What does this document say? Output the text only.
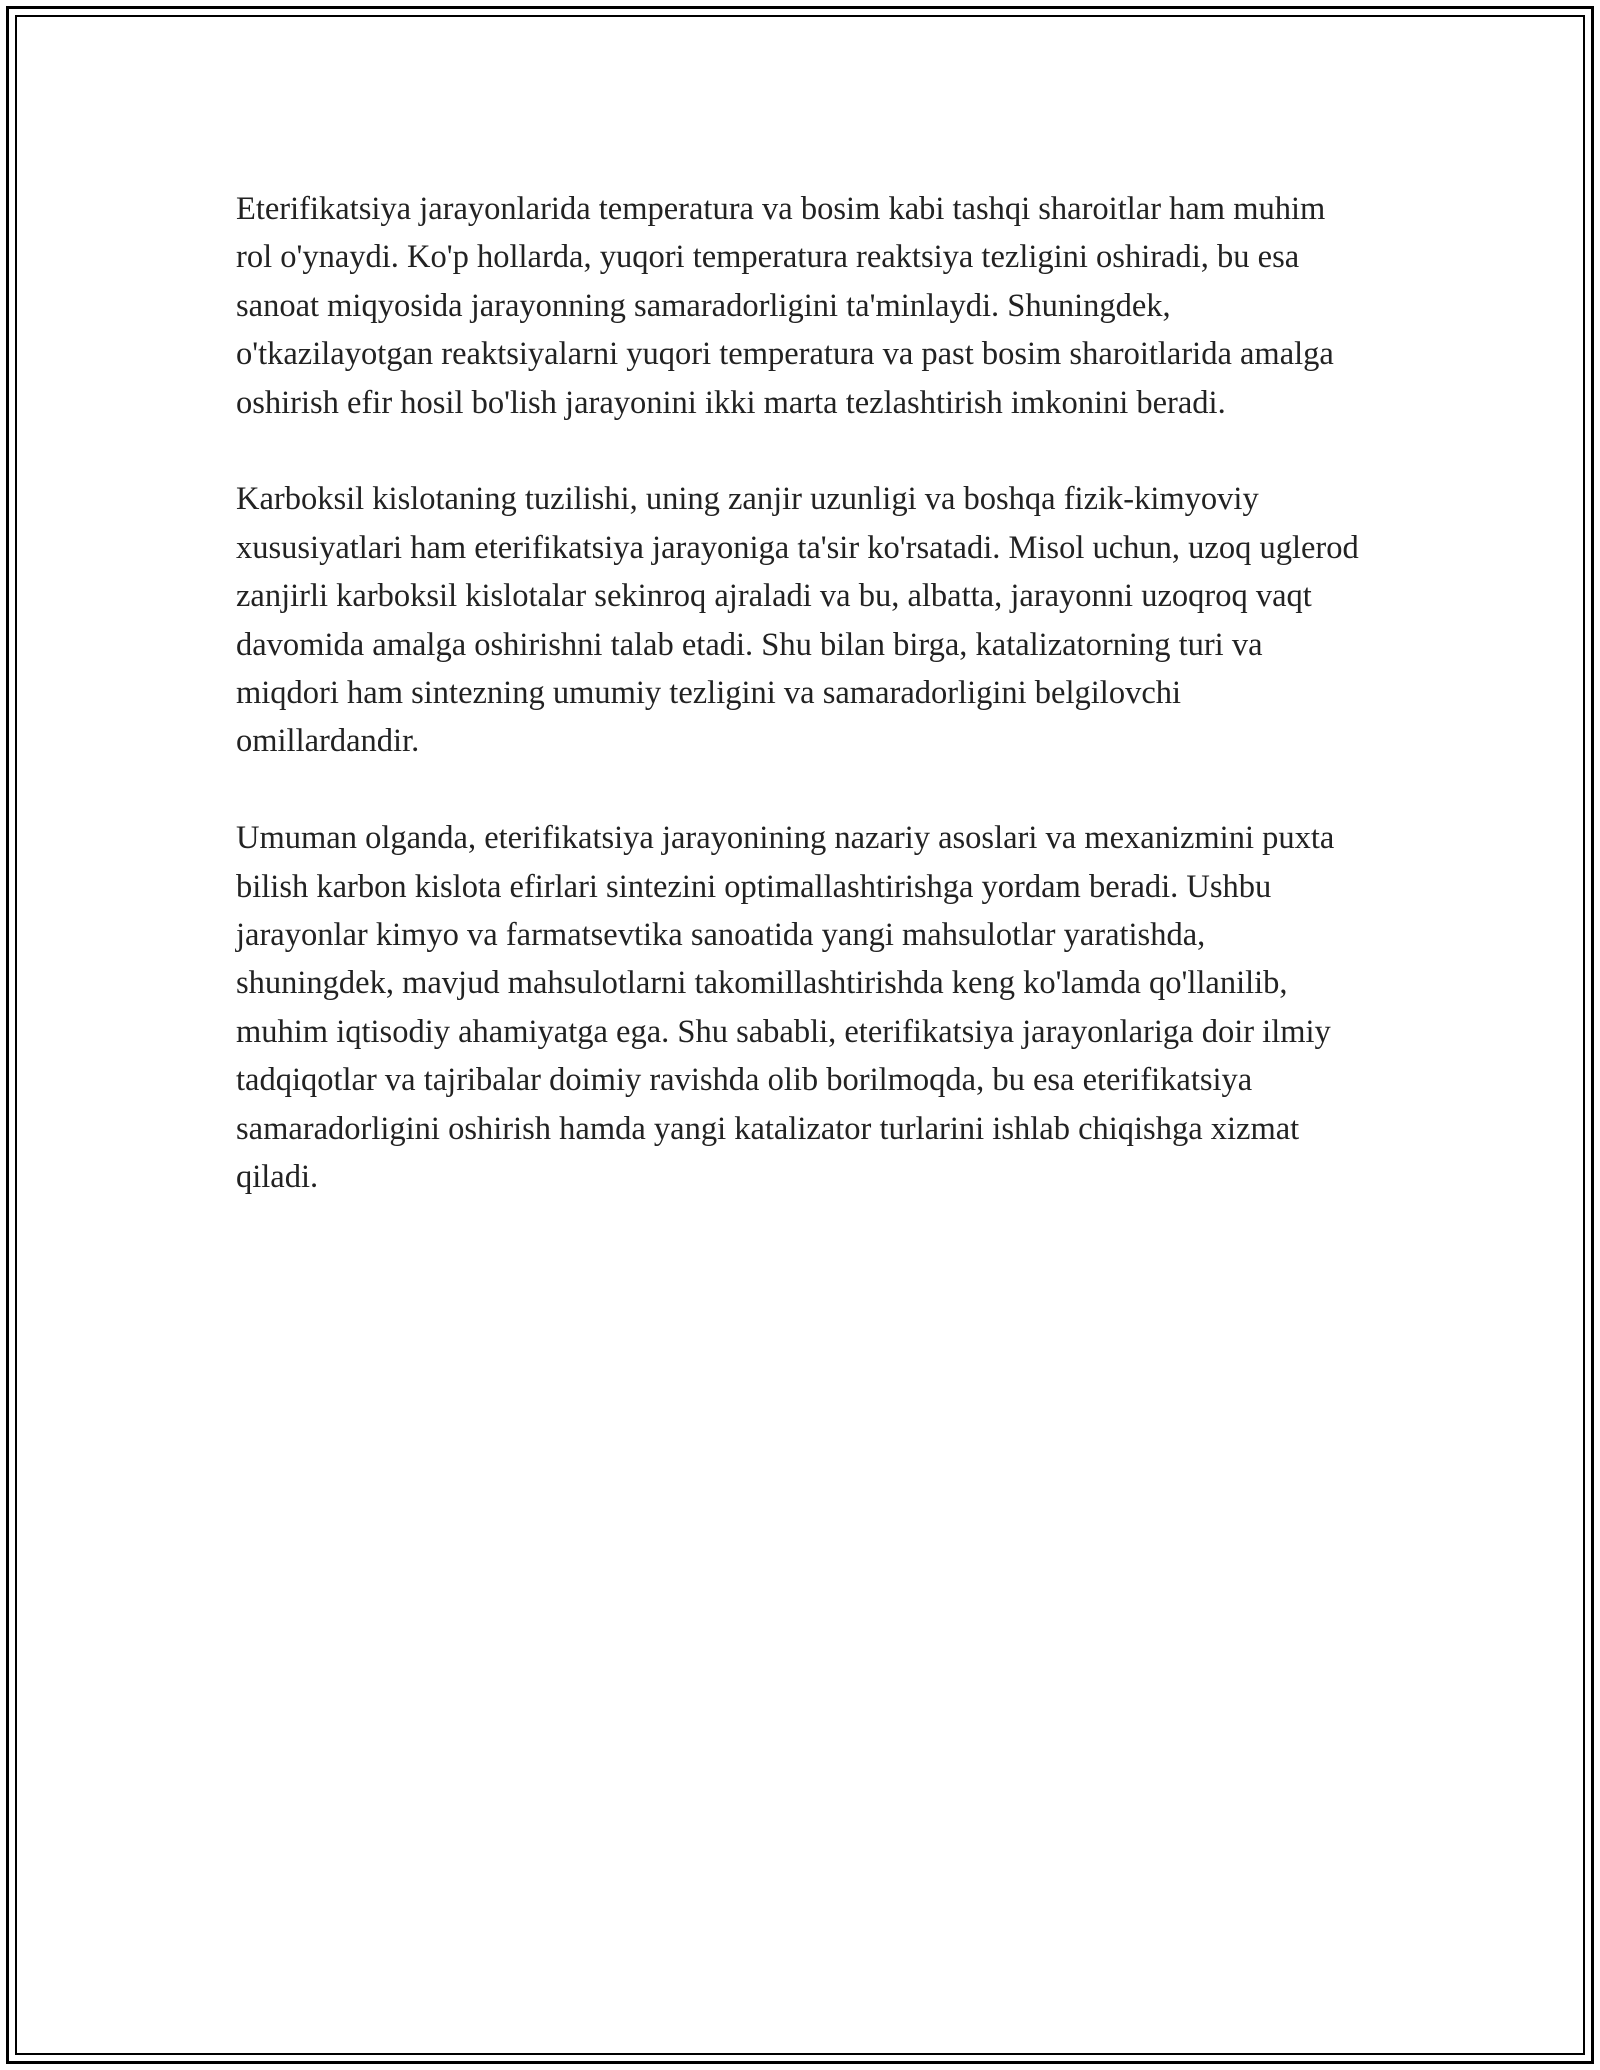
Eterifikatsiya jarayonlarida temperatura va bosim kabi tashqi sharoitlar ham muhim rol o'ynaydi. Ko'p hollarda, yuqori temperatura reaktsiya tezligini oshiradi, bu esa sanoat miqyosida jarayonning samaradorligini ta'minlaydi. Shuningdek, o'tkazilayotgan reaktsiyalarni yuqori temperatura va past bosim sharoitlarida amalga oshirish efir hosil bo'lish jarayonini ikki marta tezlashtirish imkonini beradi.

Karboksil kislotaning tuzilishi, uning zanjir uzunligi va boshqa fizik-kimyoviy xususiyatlari ham eterifikatsiya jarayoniga ta'sir ko'rsatadi. Misol uchun, uzoq uglerod zanjirli karboksil kislotalar sekinroq ajraladi va bu, albatta, jarayonni uzoqroq vaqt davomida amalga oshirishni talab etadi. Shu bilan birga, katalizatorning turi va miqdori ham sintezning umumiy tezligini va samaradorligini belgilovchi omillardandir.

Umuman olganda, eterifikatsiya jarayonining nazariy asoslari va mexanizmini puxta bilish karbon kislota efirlari sintezini optimallashtirishga yordam beradi. Ushbu jarayonlar kimyo va farmatsevtika sanoatida yangi mahsulotlar yaratishda, shuningdek, mavjud mahsulotlarni takomillashtirishda keng ko'lamda qo'llanilib, muhim iqtisodiy ahamiyatga ega. Shu sababli, eterifikatsiya jarayonlariga doir ilmiy tadqiqotlar va tajribalar doimiy ravishda olib borilmoqda, bu esa eterifikatsiya samaradorligini oshirish hamda yangi katalizator turlarini ishlab chiqishga xizmat qiladi.
